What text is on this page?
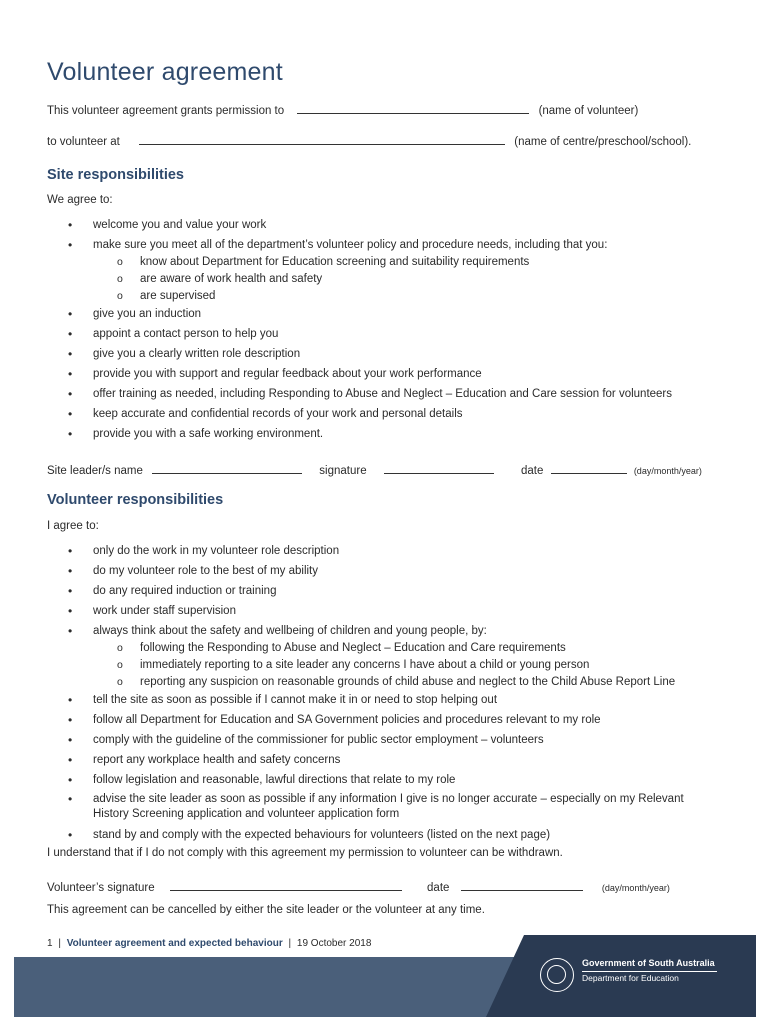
Volunteer agreement
This volunteer agreement grants permission to	(name of volunteer)
to volunteer at	(name of centre/preschool/school).
Site responsibilities
We agree to:
• welcome you and value your work
• make sure you meet all of the department’s volunteer policy and procedure needs, including that you:
o know about Department for Education screening and suitability requirements
o are aware of work health and safety
o are supervised
• give you an induction
• appoint a contact person to help you
• give you a clearly written role description
• provide you with support and regular feedback about your work performance
• offer training as needed, including Responding to Abuse and Neglect – Education and Care session for volunteers
• keep accurate and confidential records of your work and personal details
• provide you with a safe working environment.
Site leader/s name	signature	date	(day/month/year)
Volunteer responsibilities
I agree to:
• only do the work in my volunteer role description
• do my volunteer role to the best of my ability
• do any required induction or training
• work under staff supervision
• always think about the safety and wellbeing of children and young people, by:
o following the Responding to Abuse and Neglect – Education and Care requirements
o immediately reporting to a site leader any concerns I have about a child or young person
o reporting any suspicion on reasonable grounds of child abuse and neglect to the Child Abuse Report Line
• tell the site as soon as possible if I cannot make it in or need to stop helping out
• follow all Department for Education and SA Government policies and procedures relevant to my role
• comply with the guideline of the commissioner for public sector employment – volunteers
• report any workplace health and safety concerns
• follow legislation and reasonable, lawful directions that relate to my role
• advise the site leader as soon as possible if any information I give is no longer accurate – especially on my Relevant History Screening application and volunteer application form
• stand by and comply with the expected behaviours for volunteers (listed on the next page)
I understand that if I do not comply with this agreement my permission to volunteer can be withdrawn.
Volunteer’s signature	date	(day/month/year)
This agreement can be cancelled by either the site leader or the volunteer at any time.
1 | Volunteer agreement and expected behaviour | 19 October 2018
Government of South Australia
Department for Education
